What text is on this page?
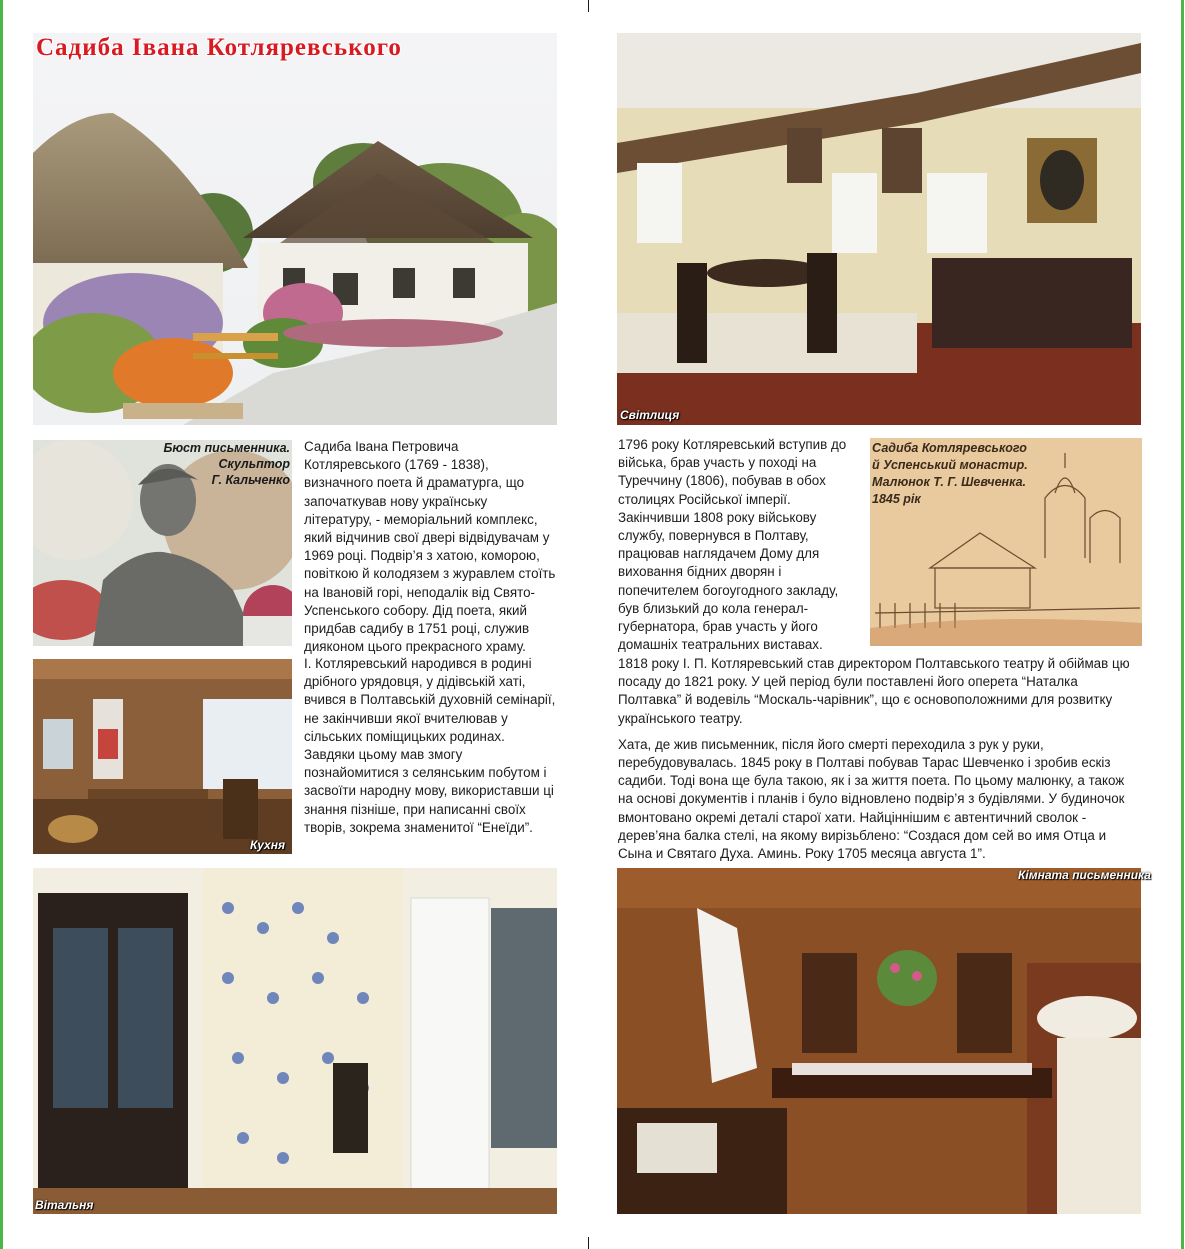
Садиба Івана Котляревського
Бюст письменника.
Скульптор
Г. Кальченко
Садиба Івана Петровича Котляревського (1769 - 1838), визначного поета й драматурга, що започаткував нову українську літературу, - меморіальний комплекс, який відчинив свої двері відвідувачам у 1969 році. Подвір’я з хатою, коморою, повіткою й колодязем з журавлем стоїть на Івановій горі, неподалік від Свято-Успенського собору. Дід поета, який придбав садибу в 1751 році, служив дияконом цього прекрасного храму.
Кухня
І. Котляревський народився в родині дрібного урядовця, у дідівській хаті, вчився в Полтавській духовній семінарії, не закінчивши якої вчителював у сільських поміщицьких родинах. Завдяки цьому мав змогу познайомитися з селянським побутом і засвоїти народну мову, використавши ці знання пізніше, при написанні своїх творів, зокрема знаменитої “Енеїди”.
Вітальня
Світлиця
1796 року Котляревський вступив до війська, брав участь у поході на Туреччину (1806), побував в обох столицях Російської імперії. Закінчивши 1808 року військову службу, повернувся в Полтаву, працював наглядачем Дому для виховання бідних дворян і попечителем богоугодного закладу, був близький до кола генерал-губернатора, брав участь у його домашніх театральних виставах.
Садиба Котляревського
й Успенський монастир.
Малюнок Т. Г. Шевченка.
1845 рік

1818 року І. П. Котляревський став директором Полтавського театру й обіймав цю посаду до 1821 року. У цей період були поставлені його оперета “Наталка Полтавка” й водевіль “Москаль-чарівник”, що є основоположними для розвитку українського театру.

Хата, де жив письменник, після його смерті переходила з рук у руки, перебудовувалась. 1845 року в Полтаві побував Тарас Шевченко і зробив ескіз садиби. Тоді вона ще була такою, як і за життя поета. По цьому малюнку, а також на основі документів і планів і було відновлено подвір’я з будівлями. У будиночок вмонтовано окремі деталі старої хати. Найціннішим є автентичний сволок - дерев’яна балка стелі, на якому вирізьблено: “Создася дом сей во имя Отца и Сына и Святаго Духа. Аминь. Року 1705 месяца августа 1”.

Кімната письменника
